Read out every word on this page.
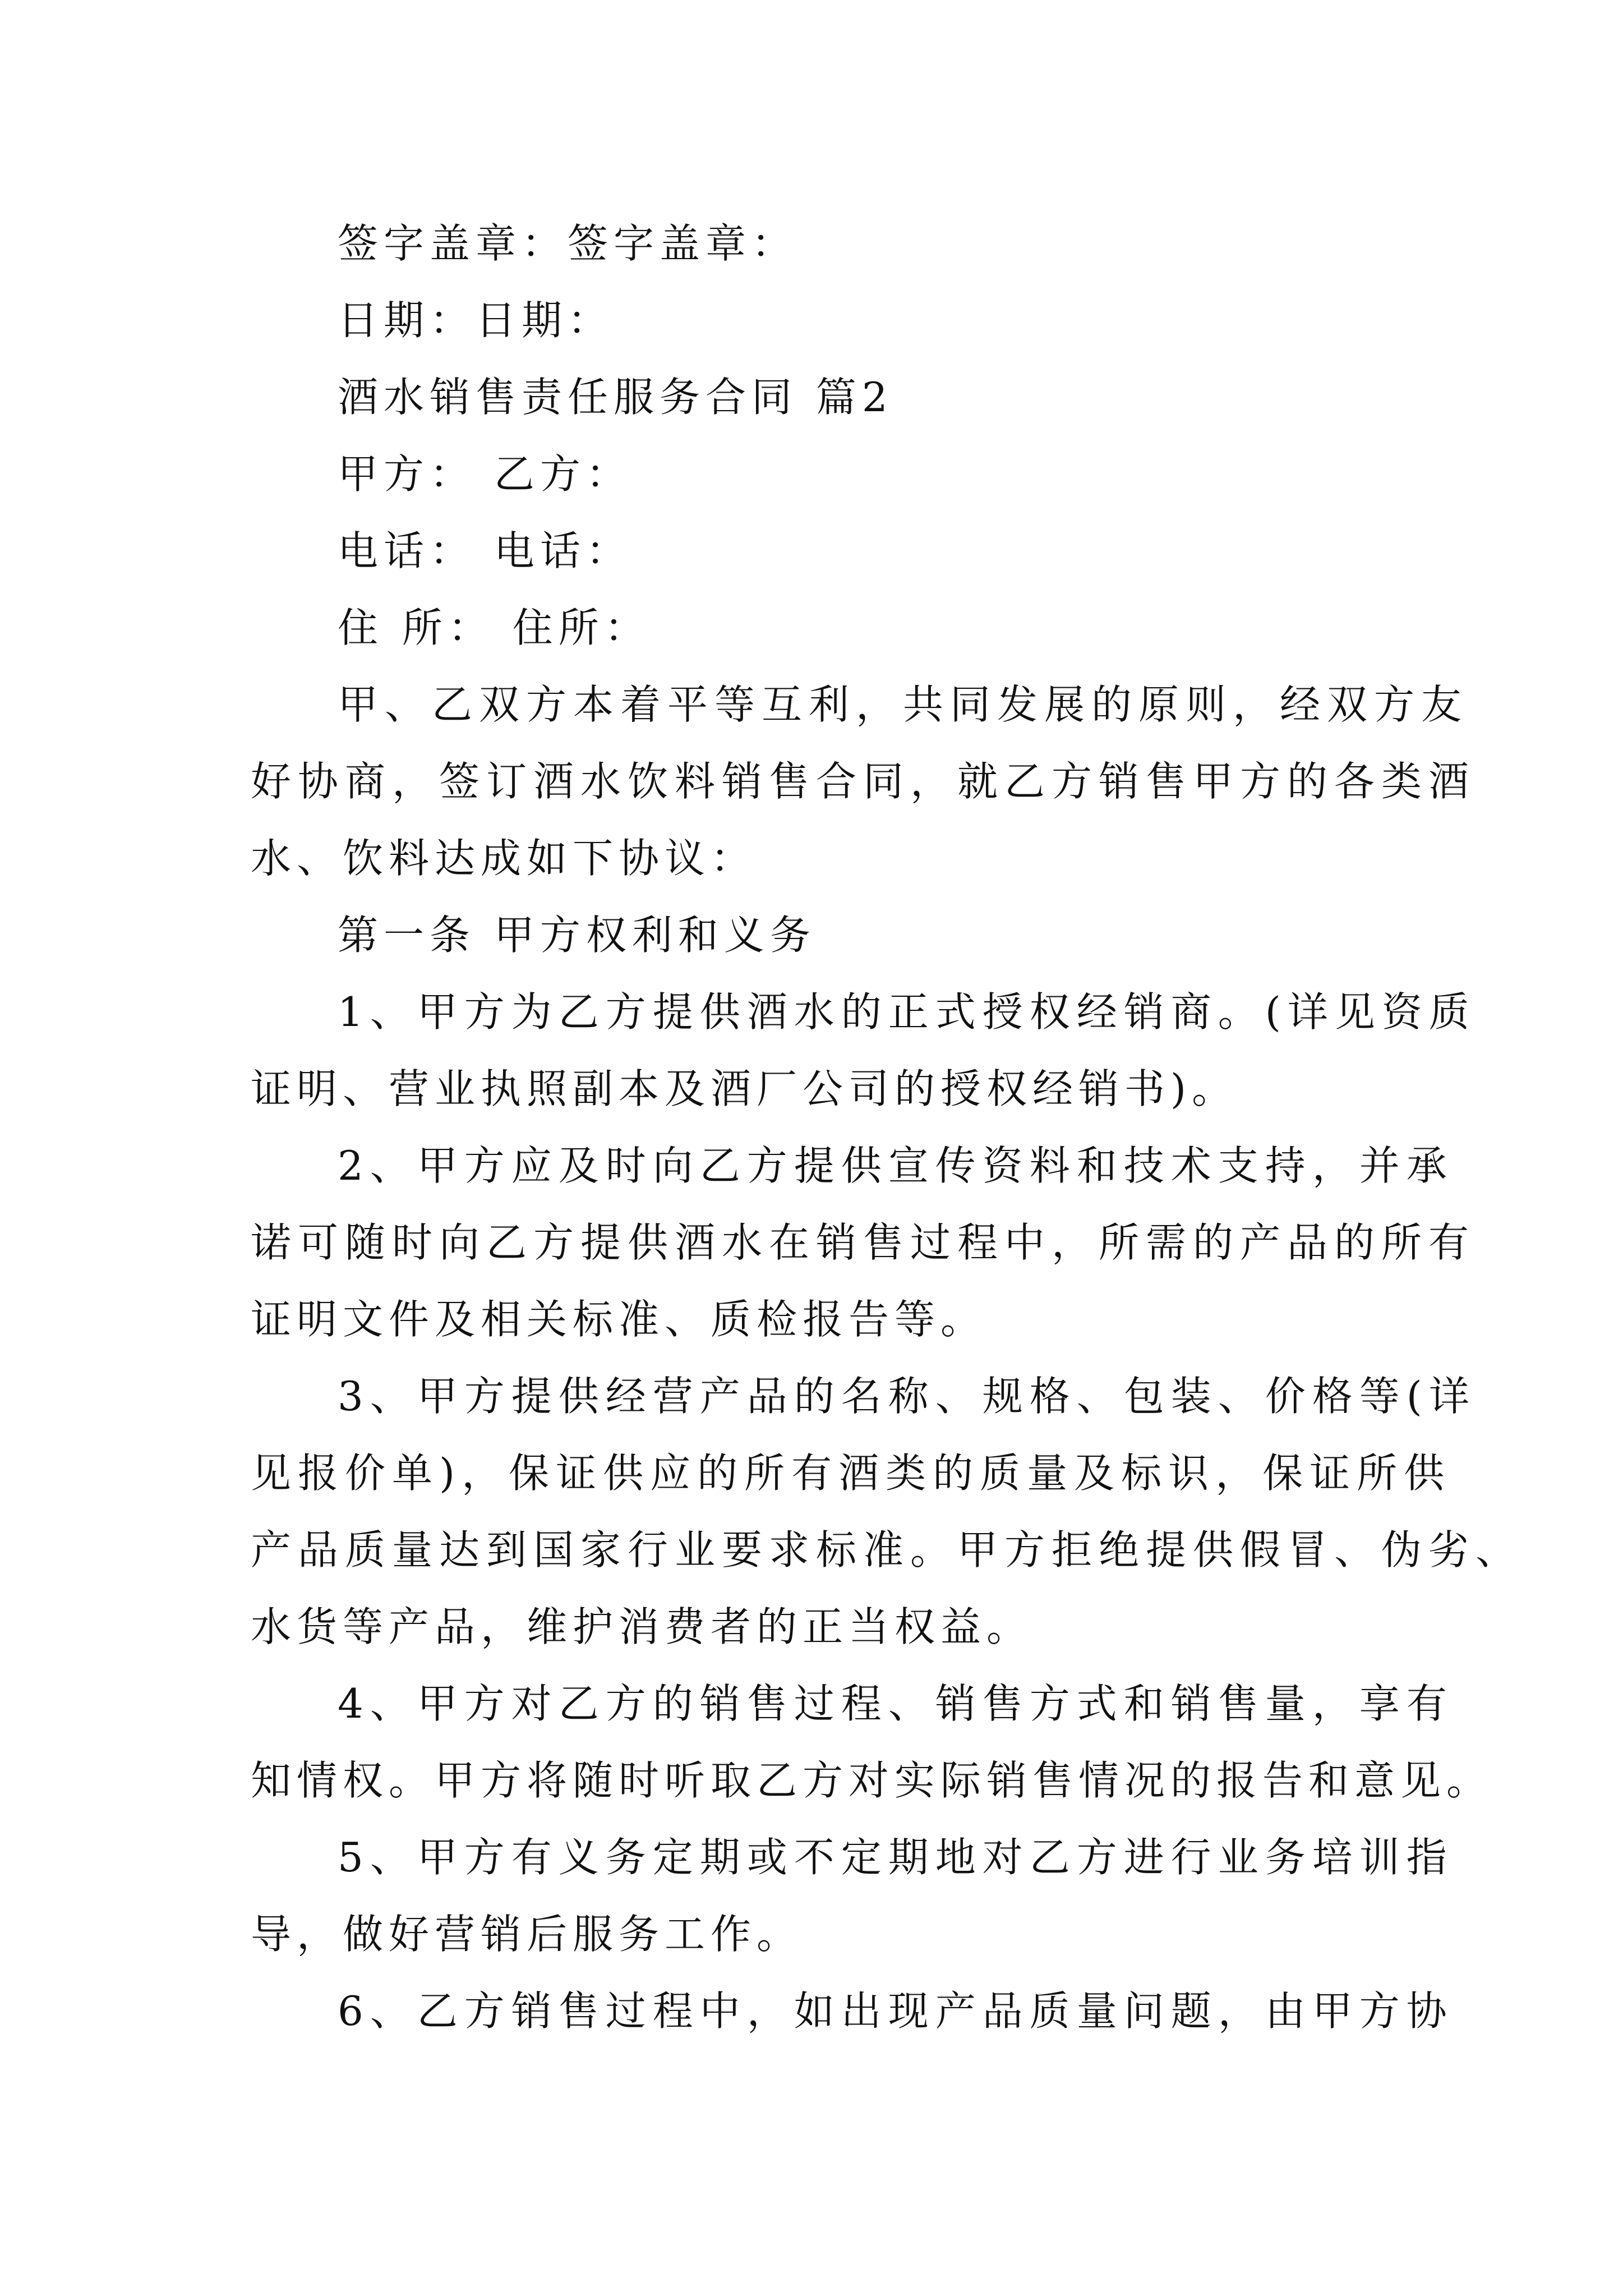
签字盖章：签字盖章：
日期：日期：
酒水销售责任服务合同 篇2
甲方： 乙方：
电话： 电话：
住 所： 住所：
甲、乙双方本着平等互利，共同发展的原则，经双方友
好协商，签订酒水饮料销售合同，就乙方销售甲方的各类酒
水、饮料达成如下协议：
第一条 甲方权利和义务
1、甲方为乙方提供酒水的正式授权经销商。(详见资质
证明、营业执照副本及酒厂公司的授权经销书)。
2、甲方应及时向乙方提供宣传资料和技术支持，并承
诺可随时向乙方提供酒水在销售过程中，所需的产品的所有
证明文件及相关标准、质检报告等。
3、甲方提供经营产品的名称、规格、包装、价格等(详
见报价单)，保证供应的所有酒类的质量及标识，保证所供
产品质量达到国家行业要求标准。甲方拒绝提供假冒、伪劣、
水货等产品，维护消费者的正当权益。
4、甲方对乙方的销售过程、销售方式和销售量，享有
知情权。甲方将随时听取乙方对实际销售情况的报告和意见。
5、甲方有义务定期或不定期地对乙方进行业务培训指
导，做好营销后服务工作。
6、乙方销售过程中，如出现产品质量问题，由甲方协
